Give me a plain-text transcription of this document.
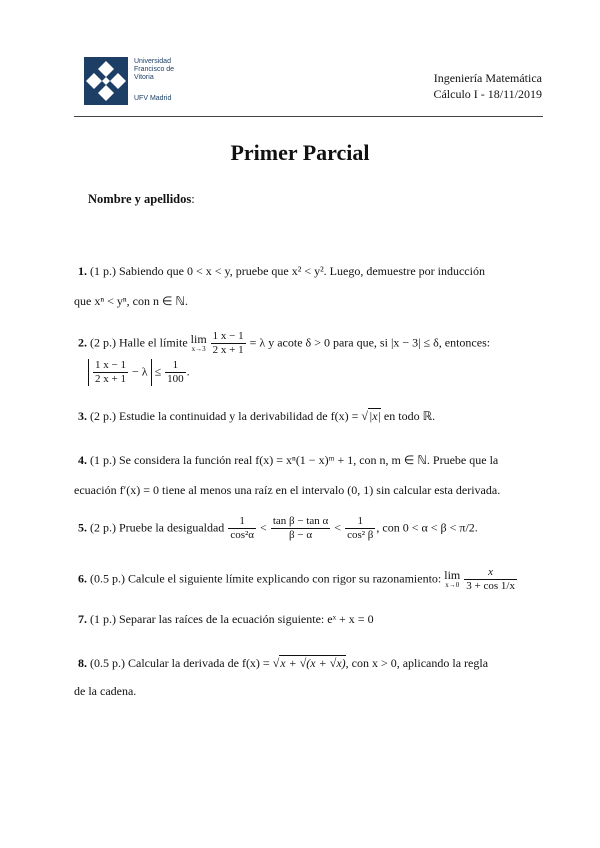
Universidad
Francisco de
Vitoria
UFV Madrid
Ingeniería Matemática
Cálculo I - 18/11/2019
Primer Parcial
Nombre y apellidos:
1. (1 p.) Sabiendo que 0 < x < y, pruebe que x² < y². Luego, demuestre por inducción
que xⁿ < yⁿ, con n ∈ ℕ.
2. (2 p.) Halle el límite lim
x→3
$\frac{1 x - 1}{2 x + 1} = \lambda$ y acote δ > 0 para que, si |x − 3| ≤ δ, entonces:
$\frac{1 x - 1}{2 x + 1} - \lambda \le \frac{1}{100}$ .
3. (2 p.) Estudie la continuidad y la derivabilidad de f(x) = √|x| en todo ℝ.
4. (1 p.) Se considera la función real f(x) = xⁿ(1 − x)ᵐ + 1, con n, m ∈ ℕ. Pruebe que la
ecuación f′(x) = 0 tiene al menos una raíz en el intervalo (0, 1) sin calcular esta derivada.
5. (2 p.) Pruebe la desigualdad $\frac{1}{\text{cos²α}} < \frac{\text{tan β − tan α}}{\beta - \alpha} < \frac{1}{\text{cos² β}}$ , con 0 < α < β < π/2.
6. (0.5 p.) Calcule el siguiente límite explicando con rigor su razonamiento: lim
x→0
$\frac{x}{3 + \cos 1/x}$
7. (1 p.) Separar las raíces de la ecuación siguiente: eˣ + x = 0
8. (0.5 p.) Calcular la derivada de f(x) = √x + √(x + √x), con x > 0, aplicando la regla
de la cadena.
